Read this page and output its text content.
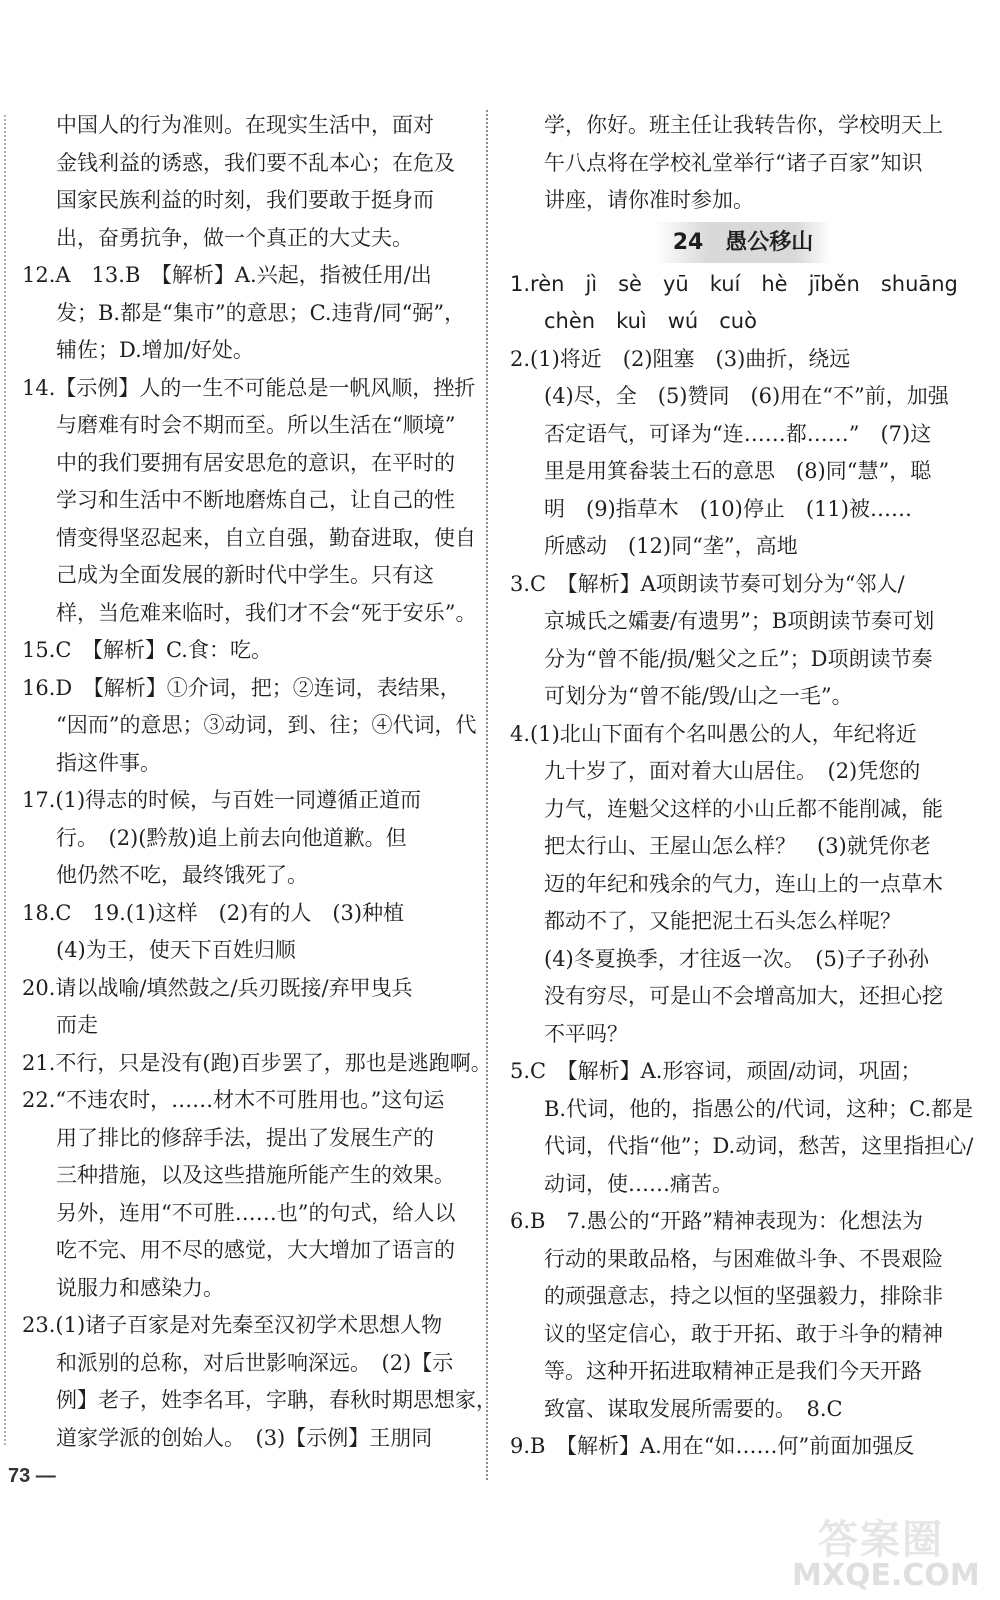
中国人的行为准则。在现实生活中，面对
金钱利益的诱惑，我们要不乱本心；在危及
国家民族利益的时刻，我们要敢于挺身而
出，奋勇抗争，做一个真正的大丈夫。
12.A　13.B　【解析】A.兴起，指被任用/出
发；B.都是“集市”的意思；C.违背/同“弼”，
辅佐；D.增加/好处。
14.【示例】人的一生不可能总是一帆风顺，挫折
与磨难有时会不期而至。所以生活在“顺境”
中的我们要拥有居安思危的意识，在平时的
学习和生活中不断地磨炼自己，让自己的性
情变得坚忍起来，自立自强，勤奋进取，使自
己成为全面发展的新时代中学生。只有这
样，当危难来临时，我们才不会“死于安乐”。
15.C　【解析】C.食：吃。
16.D　【解析】①介词，把；②连词，表结果，
“因而”的意思；③动词，到、往；④代词，代
指这件事。
17.(1)得志的时候，与百姓一同遵循正道而
行。　(2)(黔敖)追上前去向他道歉。但
他仍然不吃，最终饿死了。
18.C　19.(1)这样　(2)有的人　(3)种植
(4)为王，使天下百姓归顺
20.请以战喻/填然鼓之/兵刃既接/弃甲曳兵
而走
21.不行，只是没有(跑)百步罢了，那也是逃跑啊。
22.“不违农时，……材木不可胜用也。”这句运
用了排比的修辞手法，提出了发展生产的
三种措施，以及这些措施所能产生的效果。
另外，连用“不可胜……也”的句式，给人以
吃不完、用不尽的感觉，大大增加了语言的
说服力和感染力。
23.(1)诸子百家是对先秦至汉初学术思想人物
和派别的总称，对后世影响深远。　(2)【示
例】老子，姓李名耳，字聃，春秋时期思想家，
道家学派的创始人。　(3)【示例】王朋同
学，你好。班主任让我转告你，学校明天上
午八点将在学校礼堂举行“诸子百家”知识
讲座，请你准时参加。
24　愚公移山
1.rèn　jì　sè　yū　kuí　hè　jīběn　shuāng
chèn　kuì　wú　cuò
2.(1)将近　(2)阻塞　(3)曲折，绕远
(4)尽，全　(5)赞同　(6)用在“不”前，加强
否定语气，可译为“连……都……”　(7)这
里是用箕畚装土石的意思　(8)同“慧”，聪
明　(9)指草木　(10)停止　(11)被……
所感动　(12)同“垄”，高地
3.C　【解析】A项朗读节奏可划分为“邻人/
京城氏之孀妻/有遗男”；B项朗读节奏可划
分为“曾不能/损/魁父之丘”；D项朗读节奏
可划分为“曾不能/毁/山之一毛”。
4.(1)北山下面有个名叫愚公的人，年纪将近
九十岁了，面对着大山居住。　(2)凭您的
力气，连魁父这样的小山丘都不能削减，能
把太行山、王屋山怎么样？　(3)就凭你老
迈的年纪和残余的气力，连山上的一点草木
都动不了，又能把泥土石头怎么样呢？
(4)冬夏换季，才往返一次。　(5)子子孙孙
没有穷尽，可是山不会增高加大，还担心挖
不平吗？
5.C　【解析】A.形容词，顽固/动词，巩固；
B.代词，他的，指愚公的/代词，这种；C.都是
代词，代指“他”；D.动词，愁苦，这里指担心/
动词，使……痛苦。
6.B　7.愚公的“开路”精神表现为：化想法为
行动的果敢品格，与困难做斗争、不畏艰险
的顽强意志，持之以恒的坚强毅力，排除非
议的坚定信心，敢于开拓、敢于斗争的精神
等。这种开拓进取精神正是我们今天开路
致富、谋取发展所需要的。　8.C
9.B　【解析】A.用在“如……何”前面加强反
73 —
答案圈
MXQE.COM
